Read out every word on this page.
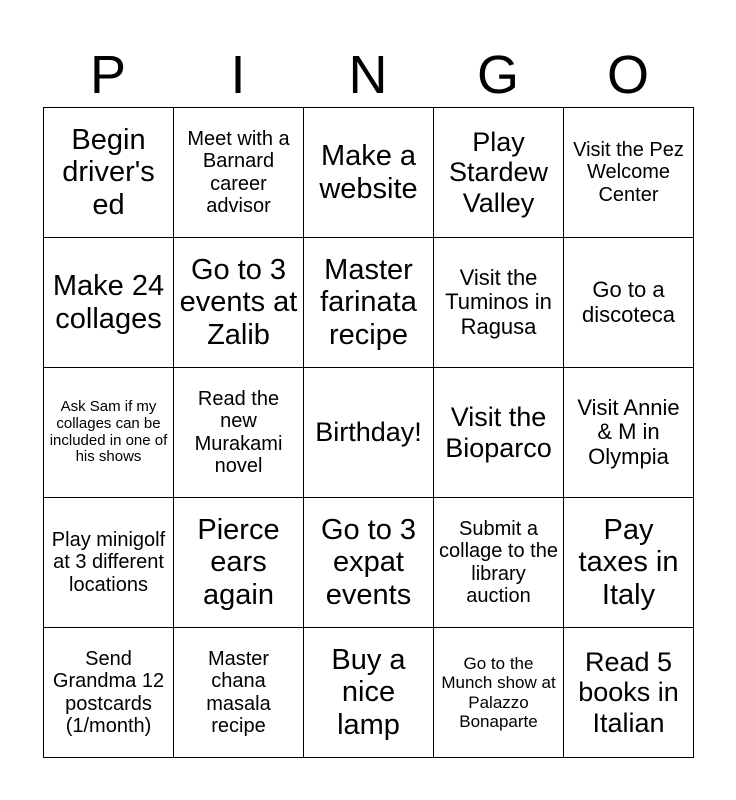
P	I	N	G	O
Begin driver's ed
Meet with a Barnard career advisor
Make a website
Play Stardew Valley
Visit the Pez Welcome Center
Make 24 collages
Go to 3 events at Zalib
Master farinata recipe
Visit the Tuminos in Ragusa
Go to a discoteca
Ask Sam if my collages can be included in one of his shows
Read the new Murakami novel
Birthday!
Visit the Bioparco
Visit Annie & M in Olympia
Play minigolf at 3 different locations
Pierce ears again
Go to 3 expat events
Submit a collage to the library auction
Pay taxes in Italy
Send Grandma 12 postcards (1/month)
Master chana masala recipe
Buy a nice lamp
Go to the Munch show at Palazzo Bonaparte
Read 5 books in Italian
